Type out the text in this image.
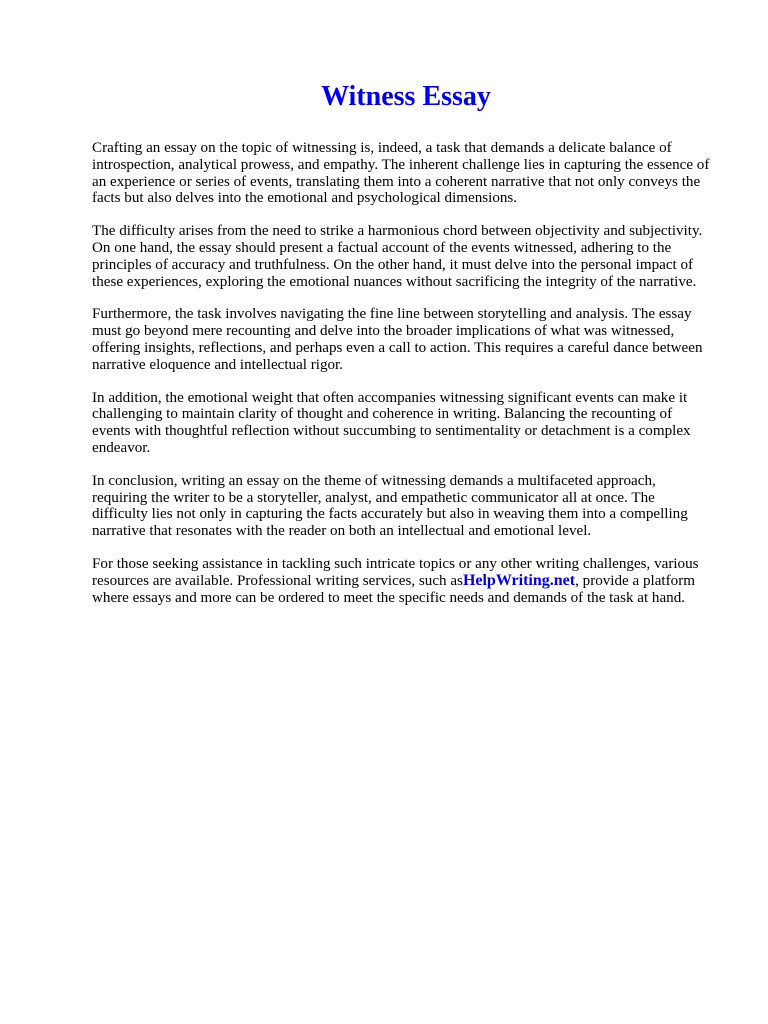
Witness Essay

Crafting an essay on the topic of witnessing is, indeed, a task that demands a delicate balance of introspection, analytical prowess, and empathy. The inherent challenge lies in capturing the essence of an experience or series of events, translating them into a coherent narrative that not only conveys the facts but also delves into the emotional and psychological dimensions.

The difficulty arises from the need to strike a harmonious chord between objectivity and subjectivity. On one hand, the essay should present a factual account of the events witnessed, adhering to the principles of accuracy and truthfulness. On the other hand, it must delve into the personal impact of these experiences, exploring the emotional nuances without sacrificing the integrity of the narrative.

Furthermore, the task involves navigating the fine line between storytelling and analysis. The essay must go beyond mere recounting and delve into the broader implications of what was witnessed, offering insights, reflections, and perhaps even a call to action. This requires a careful dance between narrative eloquence and intellectual rigor.

In addition, the emotional weight that often accompanies witnessing significant events can make it challenging to maintain clarity of thought and coherence in writing. Balancing the recounting of events with thoughtful reflection without succumbing to sentimentality or detachment is a complex endeavor.

In conclusion, writing an essay on the theme of witnessing demands a multifaceted approach, requiring the writer to be a storyteller, analyst, and empathetic communicator all at once. The difficulty lies not only in capturing the facts accurately but also in weaving them into a compelling narrative that resonates with the reader on both an intellectual and emotional level.

For those seeking assistance in tackling such intricate topics or any other writing challenges, various resources are available. Professional writing services, such asHelpWriting.net, provide a platform where essays and more can be ordered to meet the specific needs and demands of the task at hand.
